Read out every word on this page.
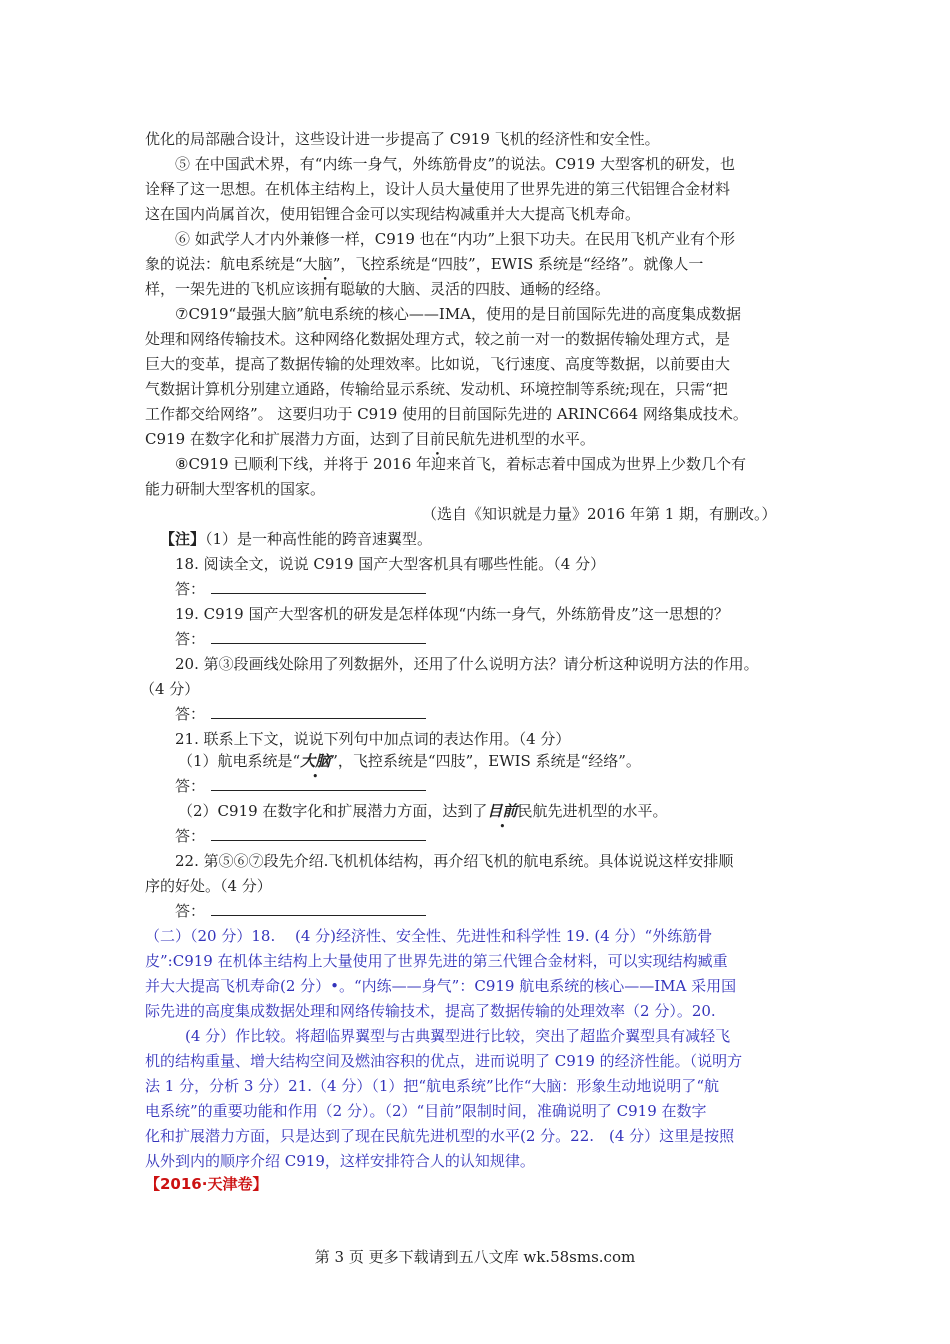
优化的局部融合设计，这些设计进一步提高了 C919 飞机的经济性和安全性。
⑤ 在中国武术界，有“内练一身气，外练筋骨皮”的说法。C919 大型客机的研发，也
诠释了这一思想。在机体主结构上，设计人员大量使用了世界先进的第三代铝锂合金材料
这在国内尚属首次，使用铝锂合金可以实现结构减重并大大提高飞机寿命。
⑥ 如武学人才内外兼修一样，C919 也在“内功”上狠下功夫。在民用飞机产业有个形
象的说法：航电系统是“大脑”，飞控系统是“四肢”，EWIS 系统是“经络”。就像人一
样，一架先进的飞机应该拥有聪敏的大脑、灵活的四肢、通畅的经络。
⑦C919“最强大脑”航电系统的核心——IMA，使用的是目前国际先进的高度集成数据
处理和网络传输技术。这种网络化数据处理方式，较之前一对一的数据传输处理方式，是
巨大的变革，提高了数据传输的处理效率。比如说，飞行速度、高度等数据，以前要由大
气数据计算机分别建立通路，传输给显示系统、发动机、环境控制等系统;现在，只需“把
工作都交给网络”。 这要归功于 C919 使用的目前国际先进的 ARINC664 网络集成技术。
C919 在数字化和扩展潜力方面，达到了目前民航先进机型的水平。
⑧C919 已顺利下线，并将于 2016 年迎来首飞，着标志着中国成为世界上少数几个有
能力研制大型客机的国家。
（选自《知识就是力量》2016 年第 1 期，有删改。）
【注】（1）是一种高性能的跨音速翼型。
18. 阅读全文，说说 C919 国产大型客机具有哪些性能。（4 分）
答：
19. C919 国产大型客机的研发是怎样体现“内练一身气，外练筋骨皮”这一思想的？
答：
20. 第③段画线处除用了列数据外，还用了什么说明方法？请分析这种说明方法的作用。
（4 分）
答：
21. 联系上下文，说说下列句中加点词的表达作用。（4 分）
（1）航电系统是“大脑”，飞控系统是“四肢”，EWIS 系统是“经络”。
答：
（2）C919 在数字化和扩展潜力方面，达到了目前民航先进机型的水平。
答：
22. 第⑤⑥⑦段先介绍.飞机机体结构，再介绍飞机的航电系统。具体说说这样安排顺
序的好处。（4 分）
答：
（二）（20 分）18.　 (4 分)经济性、安全性、先进性和科学性 19. (4 分）“外练筋骨
皮”:C919 在机体主结构上大量使用了世界先进的第三代锂合金材料，可以实现结构臧重
并大大提高飞机寿命(2 分）•。“内练——身气”：C919 航电系统的核心——IMA 采用国
际先进的高度集成数据处理和网络传输技术，提高了数据传输的处理效率（2 分）。20.
(4 分）作比较。将超临界翼型与古典翼型进行比较，突出了超监介翼型具有减轻飞
机的结构重量、增大结构空间及燃油容积的优点，进而说明了 C919 的经济性能。（说明方
法 1 分，分析 3 分）21.（4 分）（1）把“航电系统”比作“大脑：形象生动地说明了“航
电系统”的重要功能和作用（2 分）。（2）“目前”限制时间，准确说明了 C919 在数字
化和扩展潜力方面，只是达到了现在民航先进机型的水平(2 分。22.　(4 分）这里是按照
从外到内的顺序介绍 C919，这样安排符合人的认知规律。
【2016·天津卷】
第 3 页 更多下载请到五八文库 wk.58sms.com
